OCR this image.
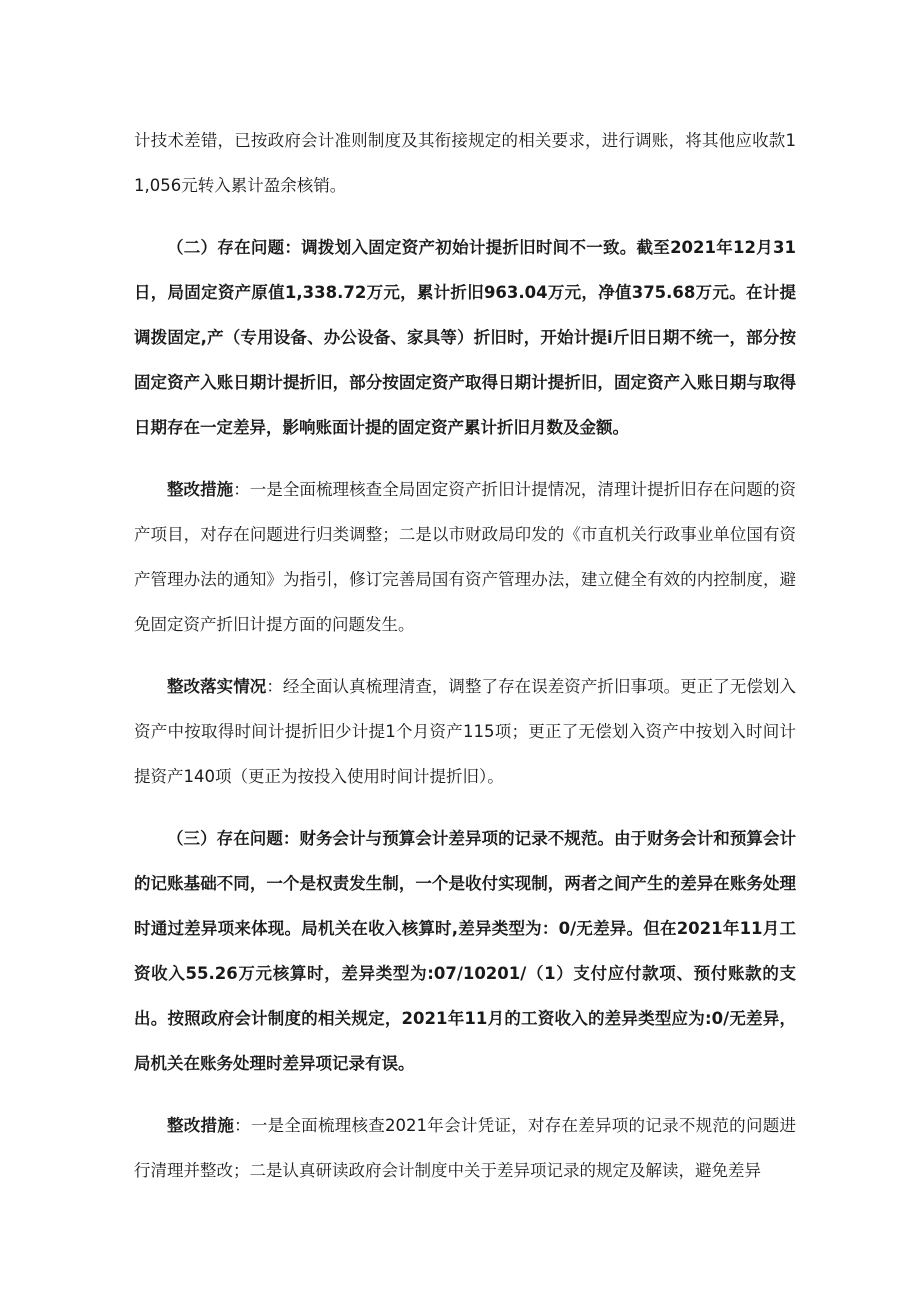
计技术差错，已按政府会计准则制度及其衔接规定的相关要求，进行调账，将其他应收款11,056元转入累计盈余核销。

（二）存在问题：调拨划入固定资产初始计提折旧时间不一致。截至2021年12月31日，局固定资产原值1,338.72万元，累计折旧963.04万元，净值375.68万元。在计提调拨固定,产（专用设备、办公设备、家具等）折旧时，开始计提i斤旧日期不统一，部分按固定资产入账日期计提折旧，部分按固定资产取得日期计提折旧，固定资产入账日期与取得日期存在一定差异，影响账面计提的固定资产累计折旧月数及金额。

整改措施：一是全面梳理核查全局固定资产折旧计提情况，清理计提折旧存在问题的资产项目，对存在问题进行归类调整；二是以市财政局印发的《市直机关行政事业单位国有资产管理办法的通知》为指引，修订完善局国有资产管理办法，建立健全有效的内控制度，避免固定资产折旧计提方面的问题发生。

整改落实情况：经全面认真梳理清查，调整了存在误差资产折旧事项。更正了无偿划入资产中按取得时间计提折旧少计提1个月资产115项；更正了无偿划入资产中按划入时间计提资产140项（更正为按投入使用时间计提折旧）。

（三）存在问题：财务会计与预算会计差异项的记录不规范。由于财务会计和预算会计的记账基础不同，一个是权责发生制，一个是收付实现制，两者之间产生的差异在账务处理时通过差异项来体现。局机关在收入核算时,差异类型为：0/无差异。但在2021年11月工资收入55.26万元核算时，差异类型为:07/10201/（1）支付应付款项、预付账款的支出。按照政府会计制度的相关规定，2021年11月的工资收入的差异类型应为:0/无差异，局机关在账务处理时差异项记录有误。

整改措施：一是全面梳理核查2021年会计凭证，对存在差异项的记录不规范的问题进行清理并整改；二是认真研读政府会计制度中关于差异项记录的规定及解读，避免差异
